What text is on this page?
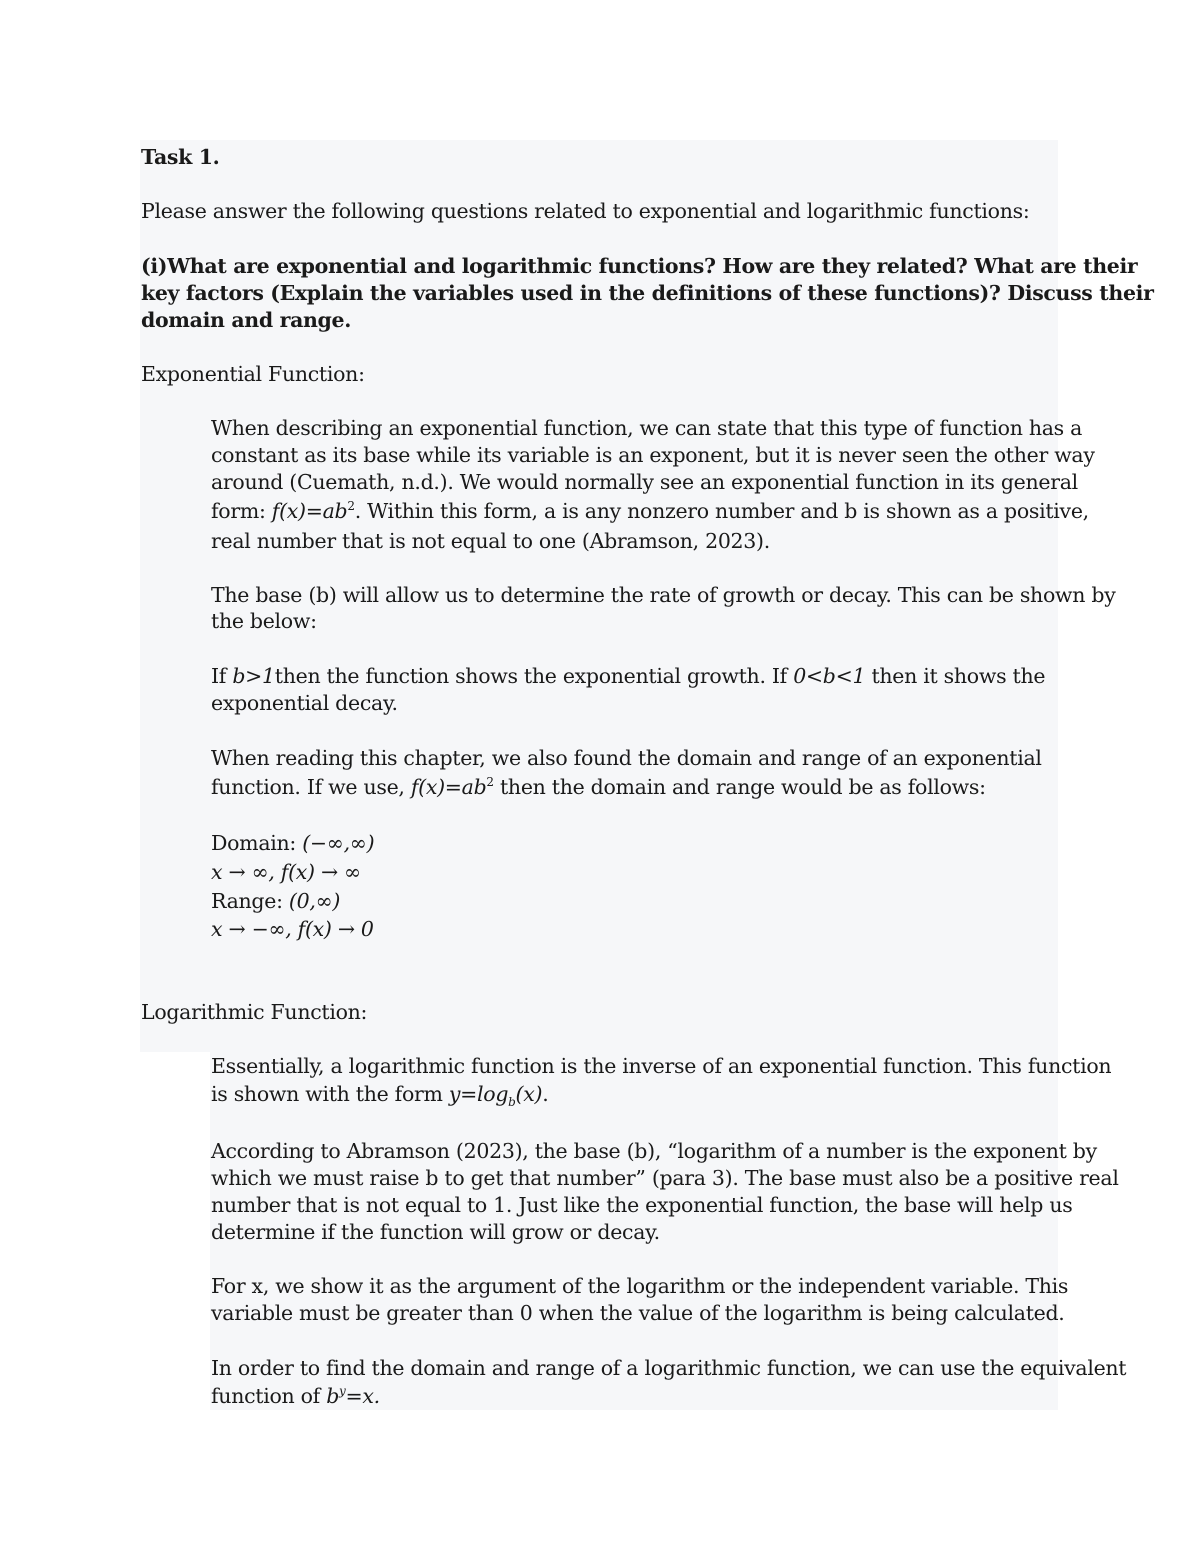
Task 1.
Please answer the following questions related to exponential and logarithmic functions:
(i)What are exponential and logarithmic functions? How are they related? What are their
key factors (Explain the variables used in the definitions of these functions)? Discuss their
domain and range.
Exponential Function:
When describing an exponential function, we can state that this type of function has a
constant as its base while its variable is an exponent, but it is never seen the other way
around (Cuemath, n.d.). We would normally see an exponential function in its general
form: $f(x)=ab^2$. Within this form, a is any nonzero number and b is shown as a positive,
real number that is not equal to one (Abramson, 2023).
The base (b) will allow us to determine the rate of growth or decay. This can be shown by
the below:
If b>1then the function shows the exponential growth. If 0<b<1 then it shows the
exponential decay.
When reading this chapter, we also found the domain and range of an exponential
function. If we use, $f(x)=ab^2$ then the domain and range would be as follows:
Domain: (−∞,∞)
x → ∞, f(x) → ∞
Range: (0,∞)
x → −∞, f(x) → 0
Logarithmic Function:
Essentially, a logarithmic function is the inverse of an exponential function. This function
is shown with the form $y=\log_b(x)$.
According to Abramson (2023), the base (b), “logarithm of a number is the exponent by
which we must raise b to get that number” (para 3). The base must also be a positive real
number that is not equal to 1. Just like the exponential function, the base will help us
determine if the function will grow or decay.
For x, we show it as the argument of the logarithm or the independent variable. This
variable must be greater than 0 when the value of the logarithm is being calculated.
In order to find the domain and range of a logarithmic function, we can use the equivalent
function of $b^y=x$.
